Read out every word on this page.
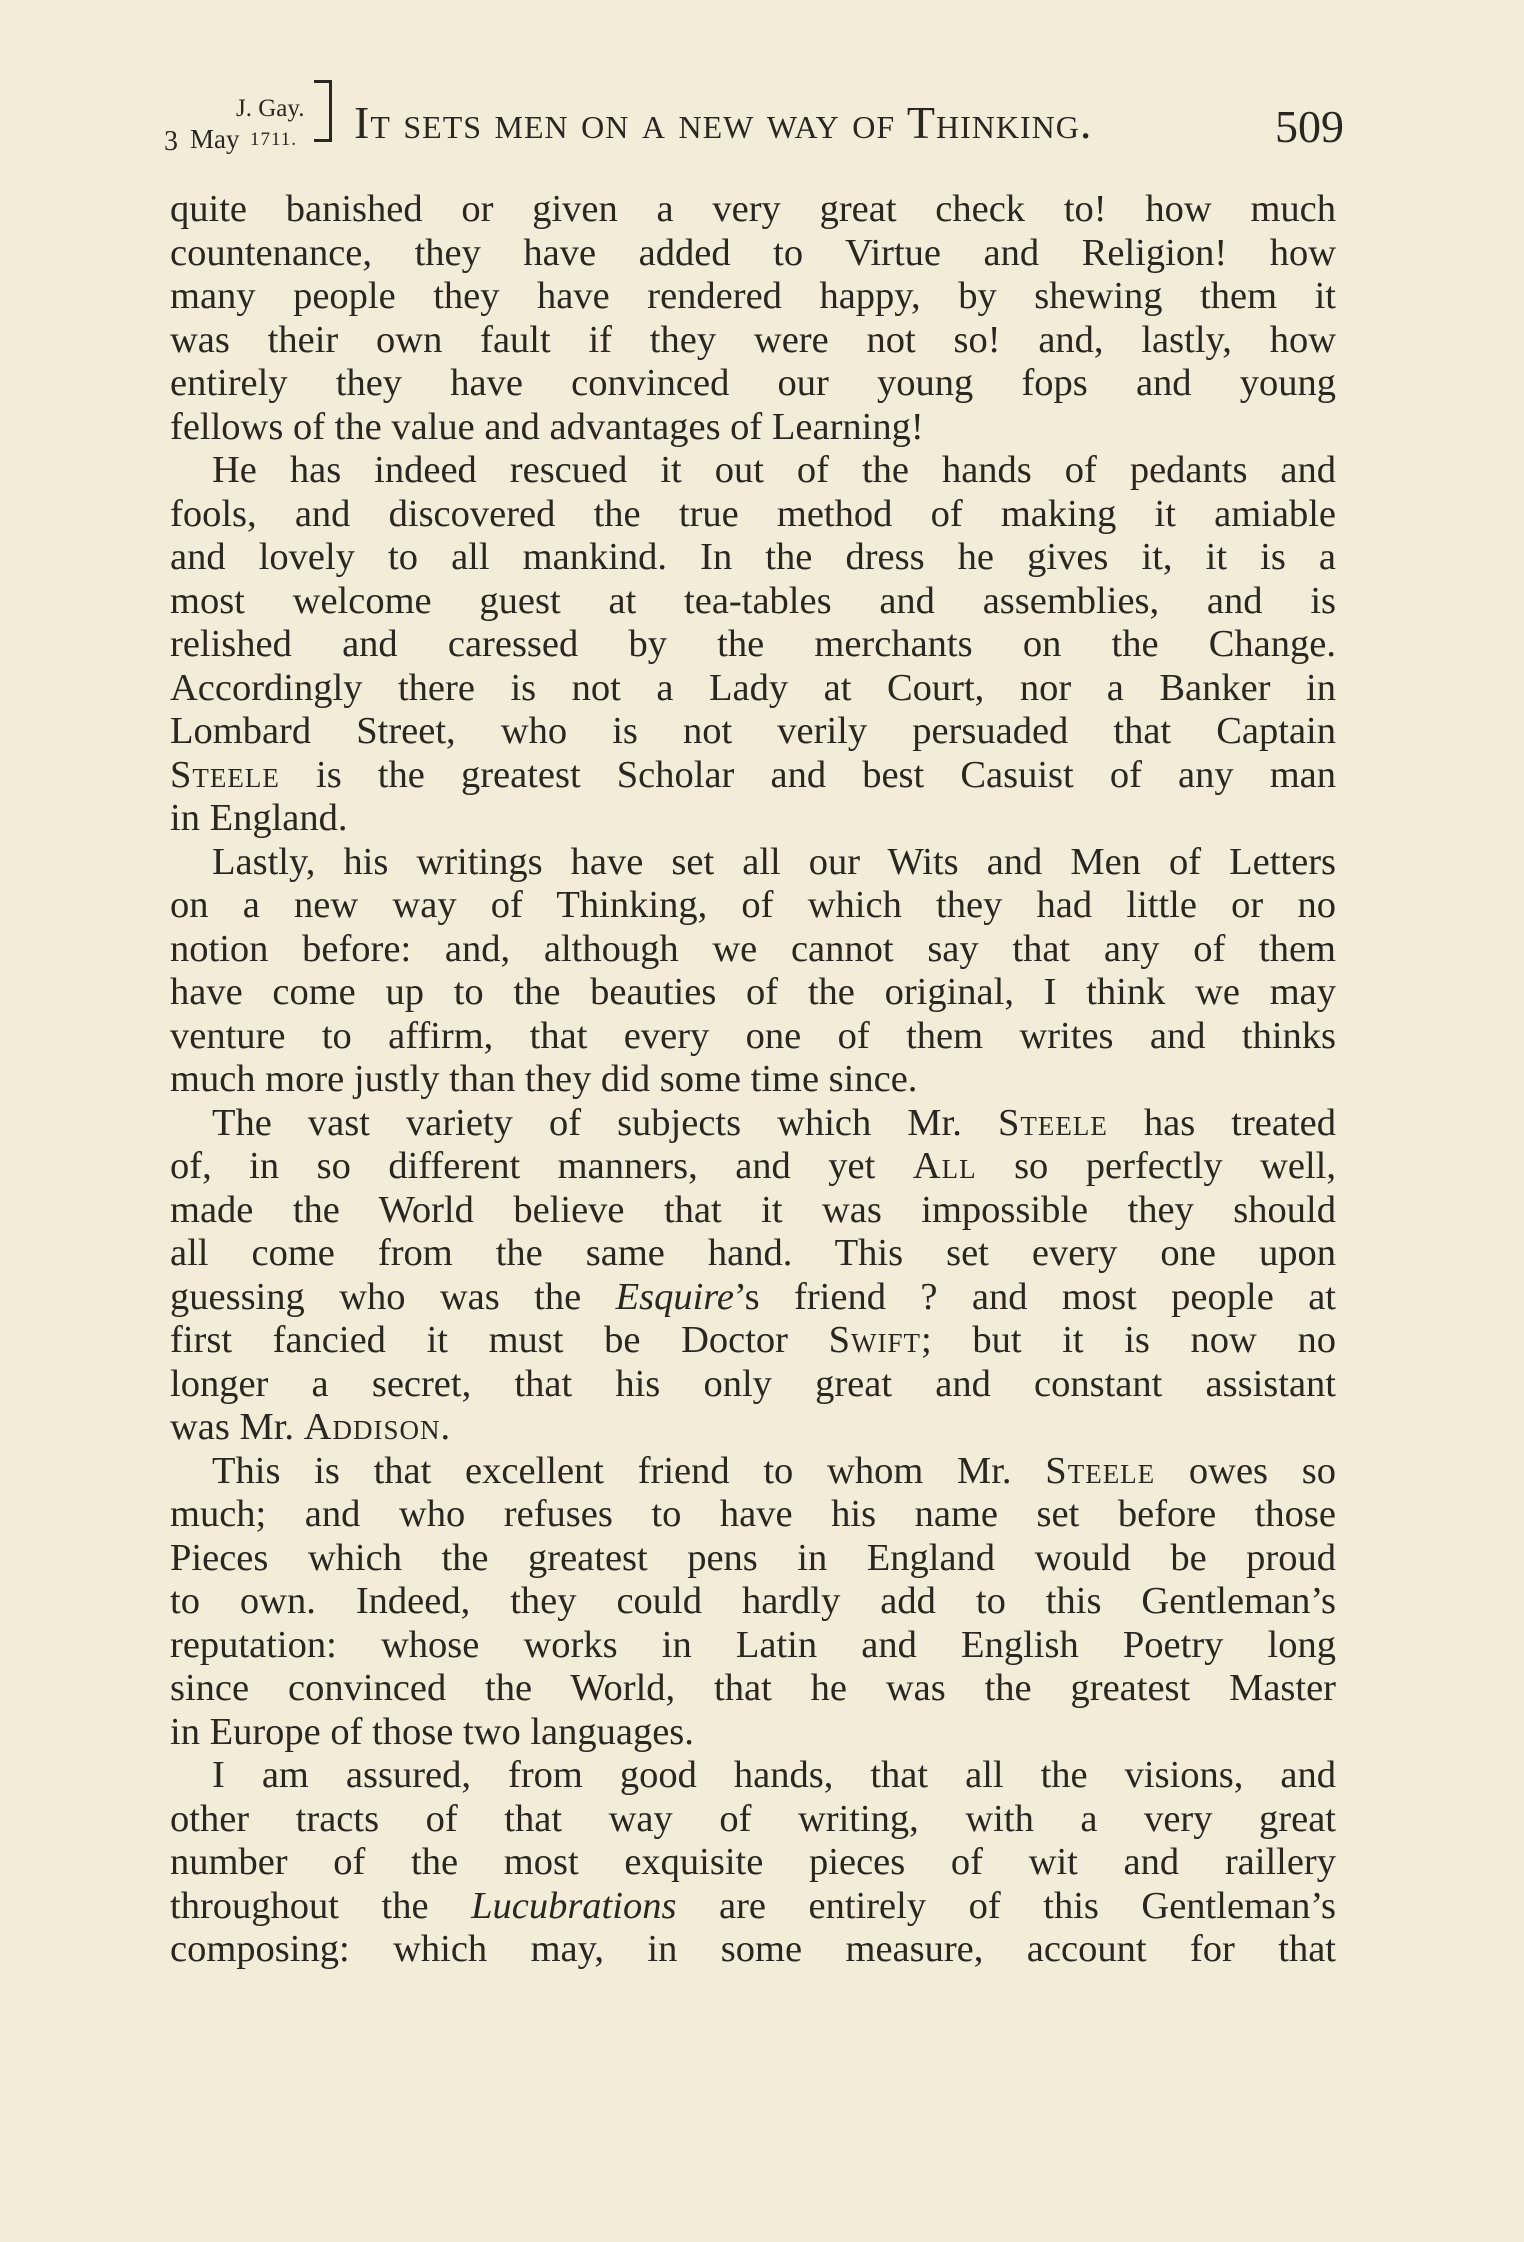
3
J. Gay.
May 1711. It sets men on a new way of Thinking.	509
quite banished or given a very great check to! how much
countenance, they have added to Virtue and Religion! how
many people they have rendered happy, by shewing them it
was their own fault if they were not so! and, lastly, how
entirely they have convinced our young fops and young
fellows of the value and advantages of Learning!
He has indeed rescued it out of the hands of pedants and
fools, and discovered the true method of making it amiable
and lovely to all mankind. In the dress he gives it, it is a
most welcome guest at tea-tables and assemblies, and is
relished and caressed by the merchants on the Change.
Accordingly there is not a Lady at Court, nor a Banker in
Lombard Street, who is not verily persuaded that Captain
Steele is the greatest Scholar and best Casuist of any man
in England.
Lastly, his writings have set all our Wits and Men of Letters
on a new way of Thinking, of which they had little or no
notion before: and, although we cannot say that any of them
have come up to the beauties of the original, I think we may
venture to affirm, that every one of them writes and thinks
much more justly than they did some time since.
The vast variety of subjects which Mr. Steele has treated
of, in so different manners, and yet All so perfectly well,
made the World believe that it was impossible they should
all come from the same hand. This set every one upon
guessing who was the Esquire’s friend ? and most people at
first fancied it must be Doctor Swift; but it is now no
longer a secret, that his only great and constant assistant
was Mr. Addison.
This is that excellent friend to whom Mr. Steele owes so
much; and who refuses to have his name set before those
Pieces which the greatest pens in England would be proud
to own. Indeed, they could hardly add to this Gentleman’s
reputation: whose works in Latin and English Poetry long
since convinced the World, that he was the greatest Master
in Europe of those two languages.
I am assured, from good hands, that all the visions, and
other tracts of that way of writing, with a very great
number of the most exquisite pieces of wit and raillery
throughout the Lucubrations are entirely of this Gentleman’s
composing: which may, in some measure, account for that
